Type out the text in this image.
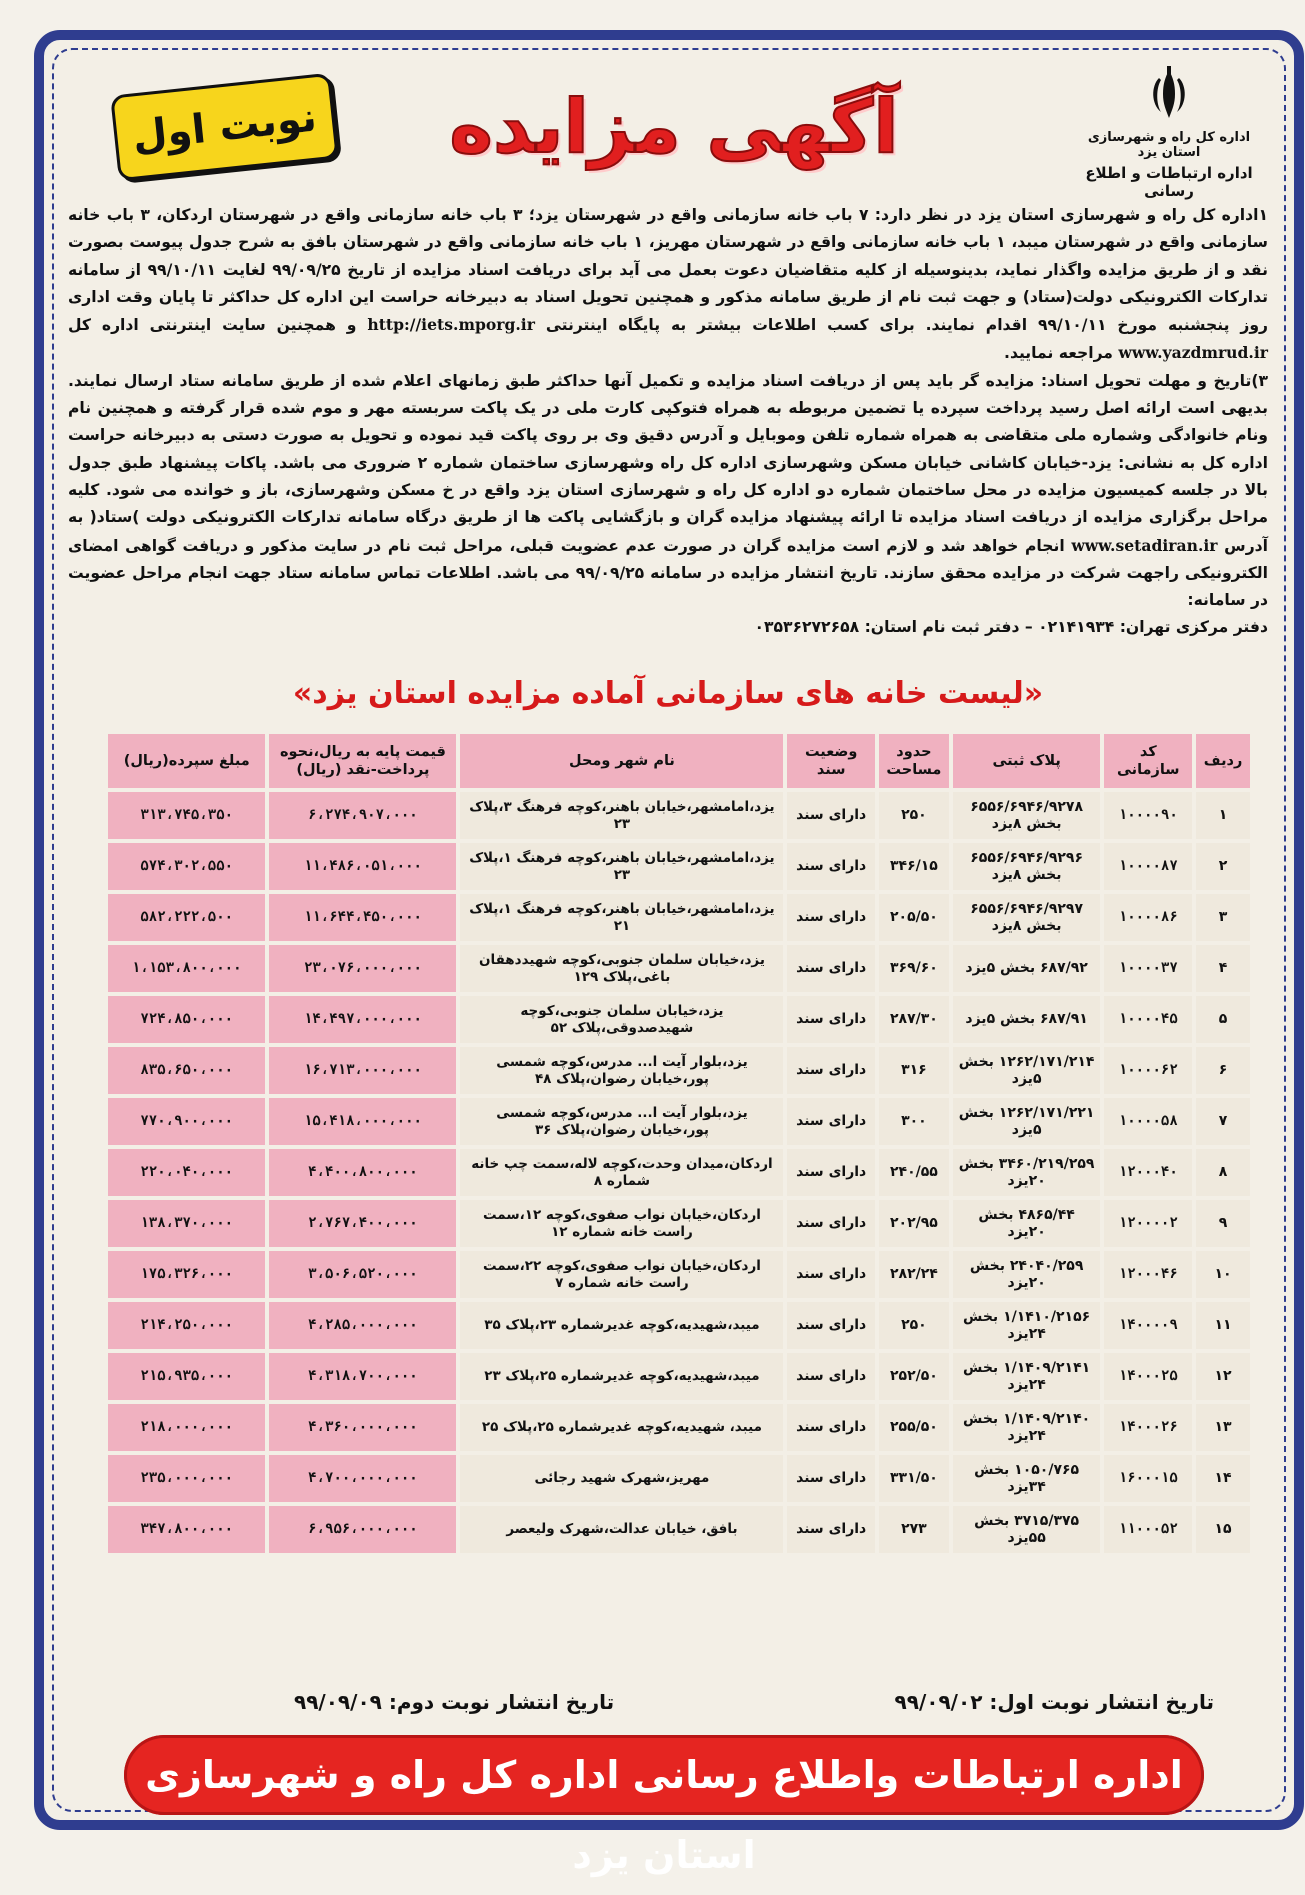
اداره کل راه و شهرسازی استان یزد
اداره ارتباطات و اطلاع رسانی
آگهی مزایده
نوبت اول

۱اداره کل راه و شهرسازی استان یزد در نظر دارد: ۷ باب خانه سازمانی واقع در شهرستان یزد؛ ۳ باب خانه سازمانی واقع در شهرستان اردکان، ۳ باب خانه سازمانی واقع در شهرستان میبد، ۱ باب خانه سازمانی واقع در شهرستان مهریز، ۱ باب خانه سازمانی واقع در شهرستان بافق به شرح جدول پیوست بصورت نقد و از طریق مزایده واگذار نماید، بدینوسیله از کلیه متقاضیان دعوت بعمل می آید برای دریافت اسناد مزایده از تاریخ ۹۹/۰۹/۲۵ لغایت ۹۹/۱۰/۱۱ از سامانه تدارکات الکترونیکی دولت(ستاد) و جهت ثبت نام از طریق سامانه مذکور و همچنین تحویل اسناد به دبیرخانه حراست این اداره کل حداکثر تا پایان وقت اداری روز پنجشنبه مورخ ۹۹/۱۰/۱۱ اقدام نمایند. برای کسب اطلاعات بیشتر به پایگاه اینترنتی http://iets.mporg.ir و همچنین سایت اینترنتی اداره کل www.yazdmrud.ir مراجعه نمایید.

۳)تاریخ و مهلت تحویل اسناد: مزایده گر باید پس از دریافت اسناد مزایده و تکمیل آنها حداکثر طبق زمانهای اعلام شده از طریق سامانه ستاد ارسال نمایند. بدیهی است ارائه اصل رسید پرداخت سپرده یا تضمین مربوطه به همراه فتوکپی کارت ملی در یک پاکت سربسته مهر و موم شده قرار گرفته و همچنین نام ونام خانوادگی وشماره ملی متقاضی به همراه شماره تلفن وموبایل و آدرس دقیق وی بر روی پاکت قید نموده و تحویل به صورت دستی به دبیرخانه حراست اداره کل به نشانی: یزد-خیابان کاشانی خیابان مسکن وشهرسازی اداره کل راه وشهرسازی ساختمان شماره ۲ ضروری می باشد. پاکات پیشنهاد طبق جدول بالا در جلسه کمیسیون مزایده در محل ساختمان شماره دو اداره کل راه و شهرسازی استان یزد واقع در خ مسکن وشهرسازی، باز و خوانده می شود. کلیه مراحل برگزاری مزایده از دریافت اسناد مزایده تا ارائه پیشنهاد مزایده گران و بازگشایی پاکت ها از طریق درگاه سامانه تدارکات الکترونیکی دولت )ستاد( به آدرس www.setadiran.ir انجام خواهد شد و لازم است مزایده گران در صورت عدم عضویت قبلی، مراحل ثبت نام در سایت مذکور و دریافت گواهی امضای الکترونیکی راجهت شرکت در مزایده محقق سازند. تاریخ انتشار مزایده در سامانه ۹۹/۰۹/۲۵ می باشد. اطلاعات تماس سامانه ستاد جهت انجام مراحل عضویت در سامانه:

دفتر مرکزی تهران: ۰۲۱۴۱۹۳۴ – دفتر ثبت نام استان: ۰۳۵۳۶۲۷۲۶۵۸

«لیست خانه های سازمانی آماده مزایده استان یزد»
ردیف	کد سازمانی	پلاک ثبتی	حدود مساحت	وضعیت سند	نام شهر ومحل	قیمت پایه به ریال،نحوه پرداخت-نقد (ریال)	مبلغ سپرده(ریال)
۱	۱۰۰۰۰۹۰	۶۵۵۶/۶۹۴۶/۹۲۷۸ بخش ۸یزد	۲۵۰	دارای سند	یزد،امامشهر،خیابان باهنر،کوچه فرهنگ ۳،پلاک ۲۳	۶،۲۷۴،۹۰۷،۰۰۰	۳۱۳،۷۴۵،۳۵۰
۲	۱۰۰۰۰۸۷	۶۵۵۶/۶۹۴۶/۹۲۹۶ بخش ۸یزد	۳۴۶/۱۵	دارای سند	یزد،امامشهر،خیابان باهنر،کوچه فرهنگ ۱،پلاک ۲۳	۱۱،۴۸۶،۰۵۱،۰۰۰	۵۷۴،۳۰۲،۵۵۰
۳	۱۰۰۰۰۸۶	۶۵۵۶/۶۹۴۶/۹۲۹۷ بخش ۸یزد	۲۰۵/۵۰	دارای سند	یزد،امامشهر،خیابان باهنر،کوچه فرهنگ ۱،پلاک ۲۱	۱۱،۶۴۴،۴۵۰،۰۰۰	۵۸۲،۲۲۲،۵۰۰
۴	۱۰۰۰۰۳۷	۶۸۷/۹۲ بخش ۵یزد	۳۶۹/۶۰	دارای سند	یزد،خیابان سلمان جنوبی،کوچه شهیددهقان باغی،پلاک ۱۲۹	۲۳،۰۷۶،۰۰۰،۰۰۰	۱،۱۵۳،۸۰۰،۰۰۰
۵	۱۰۰۰۰۴۵	۶۸۷/۹۱ بخش ۵یزد	۲۸۷/۳۰	دارای سند	یزد،خیابان سلمان جنوبی،کوچه شهیدصدوقی،پلاک ۵۲	۱۴،۴۹۷،۰۰۰،۰۰۰	۷۲۴،۸۵۰،۰۰۰
۶	۱۰۰۰۰۶۲	۱۲۶۲/۱۷۱/۲۱۴ بخش ۵یزد	۳۱۶	دارای سند	یزد،بلوار آیت ا... مدرس،کوچه شمسی پور،خیابان رضوان،پلاک ۴۸	۱۶،۷۱۳،۰۰۰،۰۰۰	۸۳۵،۶۵۰،۰۰۰
۷	۱۰۰۰۰۵۸	۱۲۶۲/۱۷۱/۲۲۱ بخش ۵یزد	۳۰۰	دارای سند	یزد،بلوار آیت ا... مدرس،کوچه شمسی پور،خیابان رضوان،پلاک ۳۶	۱۵،۴۱۸،۰۰۰،۰۰۰	۷۷۰،۹۰۰،۰۰۰
۸	۱۲۰۰۰۴۰	۳۴۶۰/۲۱۹/۲۵۹ بخش ۲۰یزد	۲۴۰/۵۵	دارای سند	اردکان،میدان وحدت،کوچه لاله،سمت چپ خانه شماره ۸	۴،۴۰۰،۸۰۰،۰۰۰	۲۲۰،۰۴۰،۰۰۰
۹	۱۲۰۰۰۰۲	۴۸۶۵/۴۴ بخش ۲۰یزد	۲۰۲/۹۵	دارای سند	اردکان،خیابان نواب صفوی،کوچه ۱۲،سمت راست خانه شماره ۱۲	۲،۷۶۷،۴۰۰،۰۰۰	۱۳۸،۳۷۰،۰۰۰
۱۰	۱۲۰۰۰۴۶	۲۴۰۴۰/۲۵۹ بخش ۲۰یزد	۲۸۲/۲۴	دارای سند	اردکان،خیابان نواب صفوی،کوچه ۲۲،سمت راست خانه شماره ۷	۳،۵۰۶،۵۲۰،۰۰۰	۱۷۵،۳۲۶،۰۰۰
۱۱	۱۴۰۰۰۰۹	۱/۱۴۱۰/۲۱۵۶ بخش ۲۴یزد	۲۵۰	دارای سند	میبد،شهیدیه،کوچه غدیرشماره ۲۳،پلاک ۳۵	۴،۲۸۵،۰۰۰،۰۰۰	۲۱۴،۲۵۰،۰۰۰
۱۲	۱۴۰۰۰۲۵	۱/۱۴۰۹/۲۱۴۱ بخش ۲۴یزد	۲۵۲/۵۰	دارای سند	میبد،شهیدیه،کوچه غدیرشماره ۲۵،پلاک ۲۳	۴،۳۱۸،۷۰۰،۰۰۰	۲۱۵،۹۳۵،۰۰۰
۱۳	۱۴۰۰۰۲۶	۱/۱۴۰۹/۲۱۴۰ بخش ۲۴یزد	۲۵۵/۵۰	دارای سند	میبد، شهیدیه،کوچه غدیرشماره ۲۵،پلاک ۲۵	۴،۳۶۰،۰۰۰،۰۰۰	۲۱۸،۰۰۰،۰۰۰
۱۴	۱۶۰۰۰۱۵	۱۰۵۰/۷۶۵ بخش ۳۴یزد	۳۳۱/۵۰	دارای سند	مهریز،شهرک شهید رجائی	۴،۷۰۰،۰۰۰،۰۰۰	۲۳۵،۰۰۰،۰۰۰
۱۵	۱۱۰۰۰۵۲	۳۷۱۵/۳۷۵ بخش ۵۵یزد	۲۷۳	دارای سند	بافق، خیابان عدالت،شهرک ولیعصر	۶،۹۵۶،۰۰۰،۰۰۰	۳۴۷،۸۰۰،۰۰۰
تاریخ انتشار نوبت اول: ۹۹/۰۹/۰۲
تاریخ انتشار نوبت دوم: ۹۹/۰۹/۰۹
اداره ارتباطات واطلاع رسانی اداره کل راه و شهرسازی استان یزد
